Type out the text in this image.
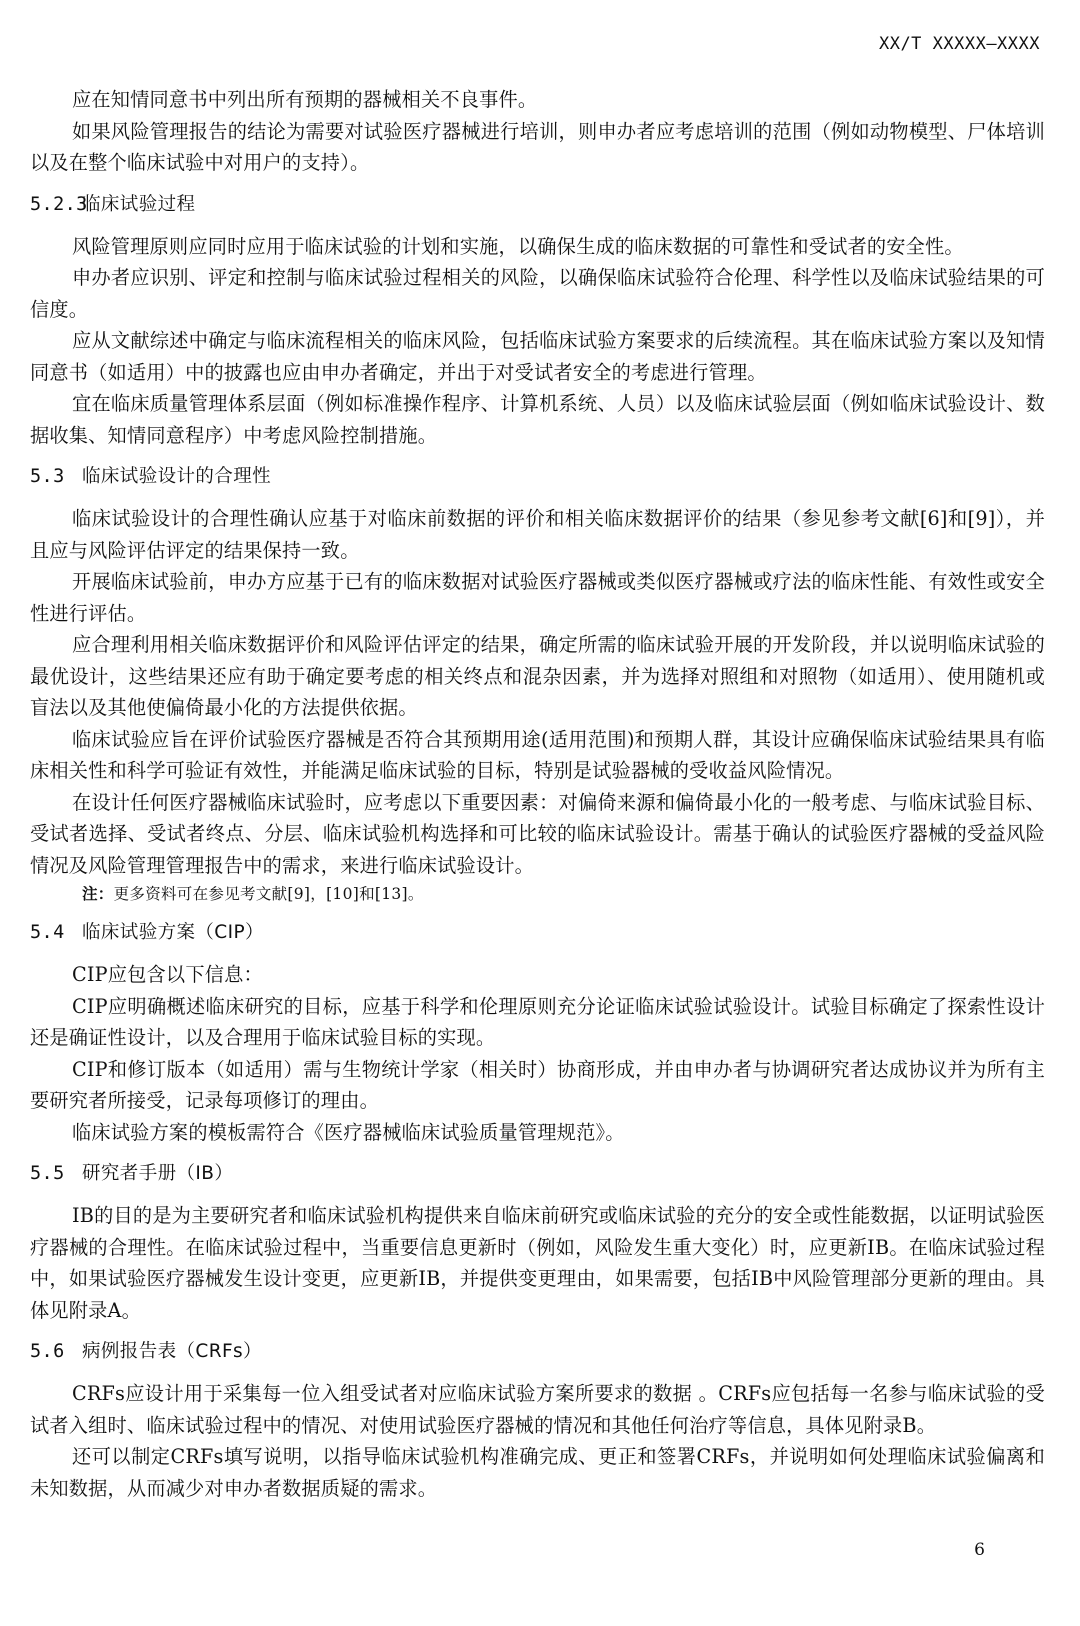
XX/T XXXXX—XXXX

应在知情同意书中列出所有预期的器械相关不良事件。

如果风险管理报告的结论为需要对试验医疗器械进行培训，则申办者应考虑培训的范围（例如动物模型、尸体培训以及在整个临床试验中对用户的支持）。

5.2.3临床试验过程

风险管理原则应同时应用于临床试验的计划和实施，以确保生成的临床数据的可靠性和受试者的安全性。

申办者应识别、评定和控制与临床试验过程相关的风险，以确保临床试验符合伦理、科学性以及临床试验结果的可信度。

应从文献综述中确定与临床流程相关的临床风险，包括临床试验方案要求的后续流程。其在临床试验方案以及知情同意书（如适用）中的披露也应由申办者确定，并出于对受试者安全的考虑进行管理。

宜在临床质量管理体系层面（例如标准操作程序、计算机系统、人员）以及临床试验层面（例如临床试验设计、数据收集、知情同意程序）中考虑风险控制措施。

5.3 临床试验设计的合理性

临床试验设计的合理性确认应基于对临床前数据的评价和相关临床数据评价的结果（参见参考文献[6]和[9]），并且应与风险评估评定的结果保持一致。

开展临床试验前，申办方应基于已有的临床数据对试验医疗器械或类似医疗器械或疗法的临床性能、有效性或安全性进行评估。

应合理利用相关临床数据评价和风险评估评定的结果，确定所需的临床试验开展的开发阶段，并以说明临床试验的最优设计，这些结果还应有助于确定要考虑的相关终点和混杂因素，并为选择对照组和对照物（如适用）、使用随机或盲法以及其他使偏倚最小化的方法提供依据。

临床试验应旨在评价试验医疗器械是否符合其预期用途(适用范围)和预期人群，其设计应确保临床试验结果具有临床相关性和科学可验证有效性，并能满足临床试验的目标，特别是试验器械的受收益风险情况。

在设计任何医疗器械临床试验时，应考虑以下重要因素：对偏倚来源和偏倚最小化的一般考虑、与临床试验目标、受试者选择、受试者终点、分层、临床试验机构选择和可比较的临床试验设计。需基于确认的试验医疗器械的受益风险情况及风险管理管理报告中的需求，来进行临床试验设计。

注：更多资料可在参见考文献[9]，[10]和[13]。

5.4 临床试验方案（CIP）

CIP应包含以下信息：

CIP应明确概述临床研究的目标，应基于科学和伦理原则充分论证临床试验试验设计。试验目标确定了探索性设计还是确证性设计，以及合理用于临床试验目标的实现。

CIP和修订版本（如适用）需与生物统计学家（相关时）协商形成，并由申办者与协调研究者达成协议并为所有主要研究者所接受，记录每项修订的理由。

临床试验方案的模板需符合《医疗器械临床试验质量管理规范》。

5.5 研究者手册（IB）

IB的目的是为主要研究者和临床试验机构提供来自临床前研究或临床试验的充分的安全或性能数据，以证明试验医疗器械的合理性。在临床试验过程中，当重要信息更新时（例如，风险发生重大变化）时，应更新IB。在临床试验过程中，如果试验医疗器械发生设计变更，应更新IB，并提供变更理由，如果需要，包括IB中风险管理部分更新的理由。具体见附录A。

5.6 病例报告表（CRFs）

CRFs应设计用于采集每一位入组受试者对应临床试验方案所要求的数据 。CRFs应包括每一名参与临床试验的受试者入组时、临床试验过程中的情况、对使用试验医疗器械的情况和其他任何治疗等信息，具体见附录B。

还可以制定CRFs填写说明，以指导临床试验机构准确完成、更正和签署CRFs，并说明如何处理临床试验偏离和未知数据，从而减少对申办者数据质疑的需求。

6
